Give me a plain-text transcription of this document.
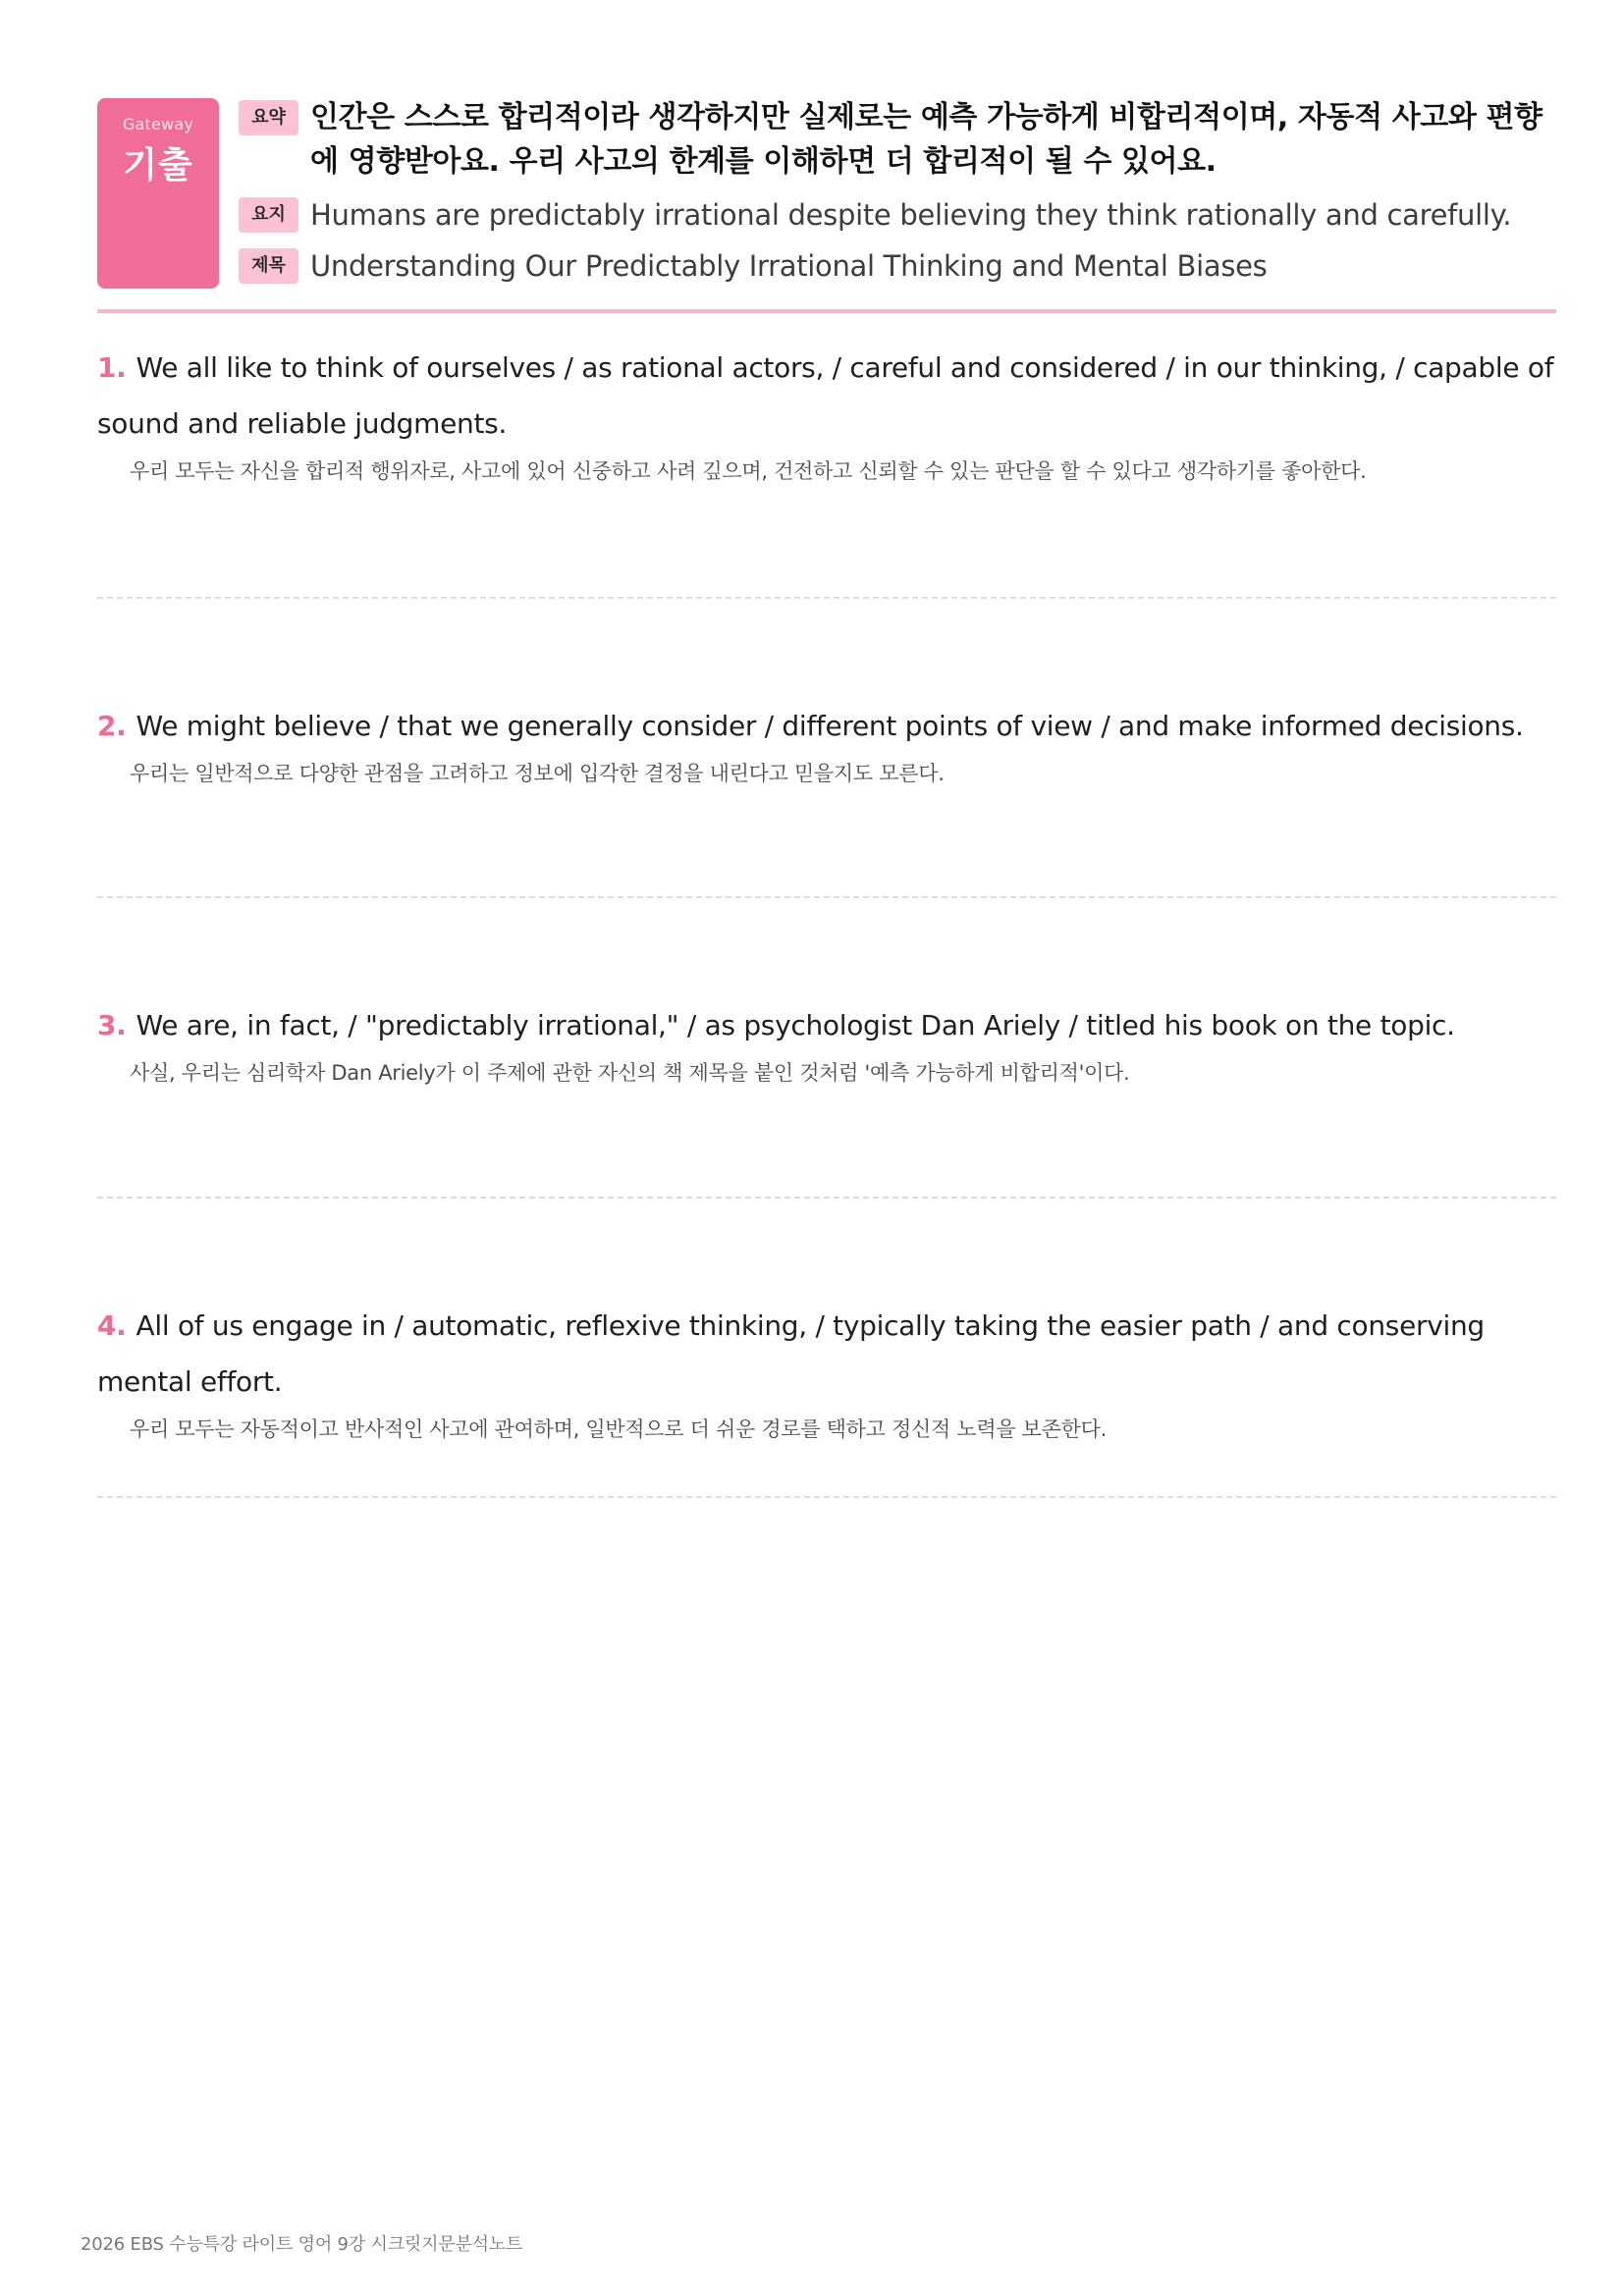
Gateway
기출
요약 인간은 스스로 합리적이라 생각하지만 실제로는 예측 가능하게 비합리적이며, 자동적 사고와 편향에 영향받아요. 우리 사고의 한계를 이해하면 더 합리적이 될 수 있어요.
요지 Humans are predictably irrational despite believing they think rationally and carefully.
제목 Understanding Our Predictably Irrational Thinking and Mental Biases
1. We all like to think of ourselves / as rational actors, / careful and considered / in our thinking, / capable of sound and reliable judgments.
우리 모두는 자신을 합리적 행위자로, 사고에 있어 신중하고 사려 깊으며, 건전하고 신뢰할 수 있는 판단을 할 수 있다고 생각하기를 좋아한다.
2. We might believe / that we generally consider / different points of view / and make informed decisions.
우리는 일반적으로 다양한 관점을 고려하고 정보에 입각한 결정을 내린다고 믿을지도 모른다.
3. We are, in fact, / "predictably irrational," / as psychologist Dan Ariely / titled his book on the topic.
사실, 우리는 심리학자 Dan Ariely가 이 주제에 관한 자신의 책 제목을 붙인 것처럼 '예측 가능하게 비합리적'이다.
4. All of us engage in / automatic, reflexive thinking, / typically taking the easier path / and conserving mental effort.
우리 모두는 자동적이고 반사적인 사고에 관여하며, 일반적으로 더 쉬운 경로를 택하고 정신적 노력을 보존한다.
2026 EBS 수능특강 라이트 영어 9강 시크릿지문분석노트
